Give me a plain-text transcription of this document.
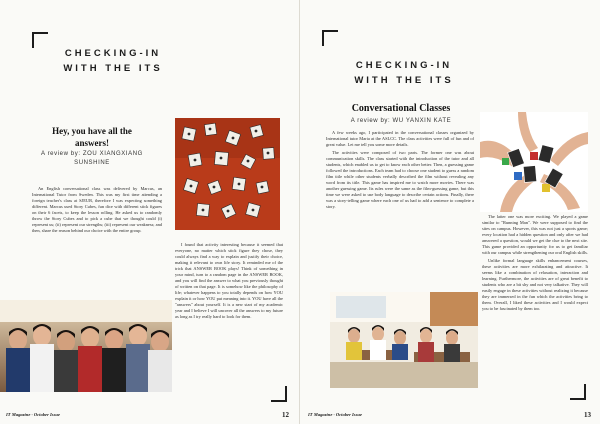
CHECKING-IN
WITH THE ITS
Hey, you have all the
answers!
A review by: ZOU XIANGXIANG
SUNSHINE

An English conversational class was delivered by Marcus, an International Tutor from Sweden. This was my first time attending a foreign teacher's class at SJEUR, therefore I was expecting something different. Marcus used Story Cubes, fun dice with different stick figures on their 6 facets, to keep the lesson rolling. He asked us to randomly throw the Story Cubes and to pick a cube that we thought could (i) represent us; (ii) represent our strengths; (iii) represent our weakness; and then, share the reason behind our choice with the entire group.

I found that activity interesting because it seemed that everyone, no matter which stick figure they chose, they could always find a way to explain and justify their choice, making it relevant to own life story. It reminded me of the trick that ANSWER BOOK plays! Think of something in your mind, turn to a random page in the ANSWER BOOK, and you will find the answer to what you previously thought of written on that page. It is somehow like the philosophy of life; whatever happens to you totally depends on how YOU explain it or how YOU put meaning into it. YOU have all the "answers" about yourself. It is a new start of my academic year and I believe I will uncover all the answers to my future as long as I try really hard to look for them.

IT Magazine · October Issue	12
CHECKING-IN
WITH THE ITS
Conversational Classes
A review by: WU YANXIN KATE

A few weeks ago, I participated in the conversational classes organized by International tutor Maria at the ASLCC. The class activities were full of fun and of great value. Let me tell you some more details.

The activities were composed of two parts. The former one was about communication skills. The class started with the introduction of the tutor and all students, which enabled us to get to know each other better. Then, a guessing game followed the introductions. Each team had to choose one student to guess a random film title while other students verbally described the film without revealing any word from its title. This game has inspired me to watch more movies. There was another guessing game. Its rules were the same as the film-guessing game, but this time we were asked to use body language to describe certain actions. Finally, there was a story-telling game where each one of us had to add a sentence to complete a story.

The latter one was more exciting. We played a game similar to "Running Man". We were supposed to find the sites on campus. However, this was not just a sports game; every location had a hidden question and only after we had answered a question, would we get the clue to the next site. This game provided an opportunity for us to get familiar with our campus while strengthening our oral English skills.

Unlike formal language skills enhancement courses, these activities are more exhilarating and attractive. It seems like a combination of relaxation, interaction and learning. Furthermore, the activities are of great benefit to students who are a bit shy and not very talkative. They will easily engage in these activities without realizing it because they are immersed in the fun which the activities bring to them. Overall, I liked these activities and I would expect you to be fascinated by them too.

IT Magazine · October Issue	13
